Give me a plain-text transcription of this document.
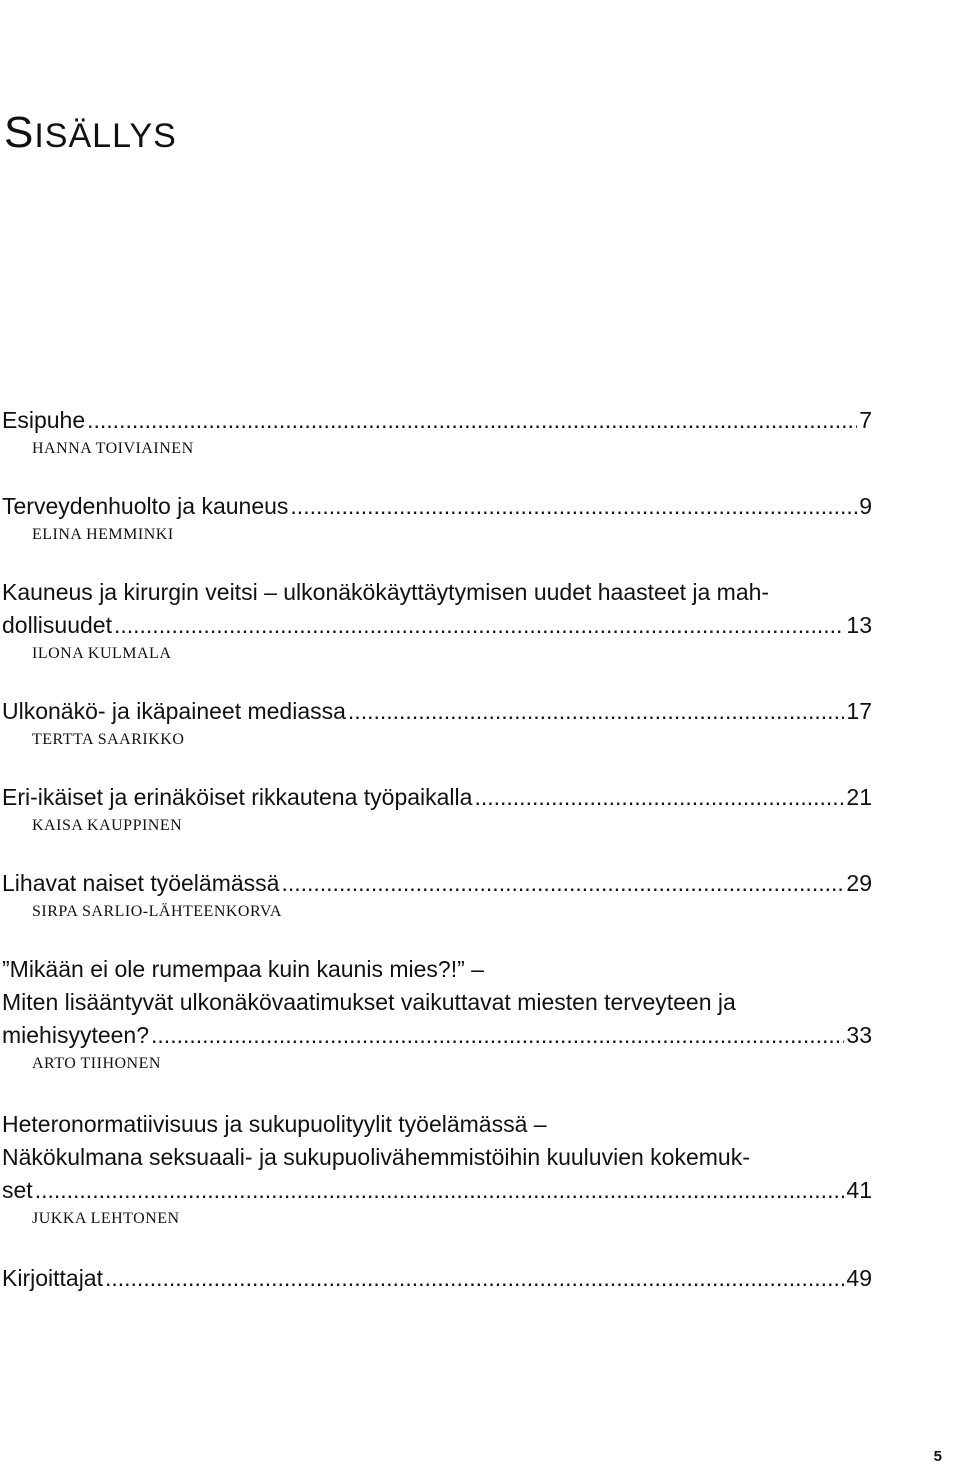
SISÄLLYS
Esipuhe .....	7
HANNA TOIVIAINEN
Terveydenhuolto ja kauneus .....	9
ELINA HEMMINKI
Kauneus ja kirurgin veitsi – ulkonäkökäyttäytymisen uudet haasteet ja mah-
dollisuudet .....	13
ILONA KULMALA
Ulkonäkö- ja ikäpaineet mediassa .....	17
TERTTA SAARIKKO
Eri-ikäiset ja erinäköiset rikkautena työpaikalla .....	21
KAISA KAUPPINEN
Lihavat naiset työelämässä .....	29
SIRPA SARLIO-LÄHTEENKORVA
”Mikään ei ole rumempaa kuin kaunis mies?!” –
Miten lisääntyvät ulkonäkövaatimukset vaikuttavat miesten terveyteen ja
miehisyyteen? .....	33
ARTO TIIHONEN
Heteronormatiivisuus ja sukupuolityylit työelämässä –
Näkökulmana seksuaali- ja sukupuolivähemmistöihin kuuluvien kokemuk-
set .....	41
JUKKA LEHTONEN
Kirjoittajat .....	49
5
